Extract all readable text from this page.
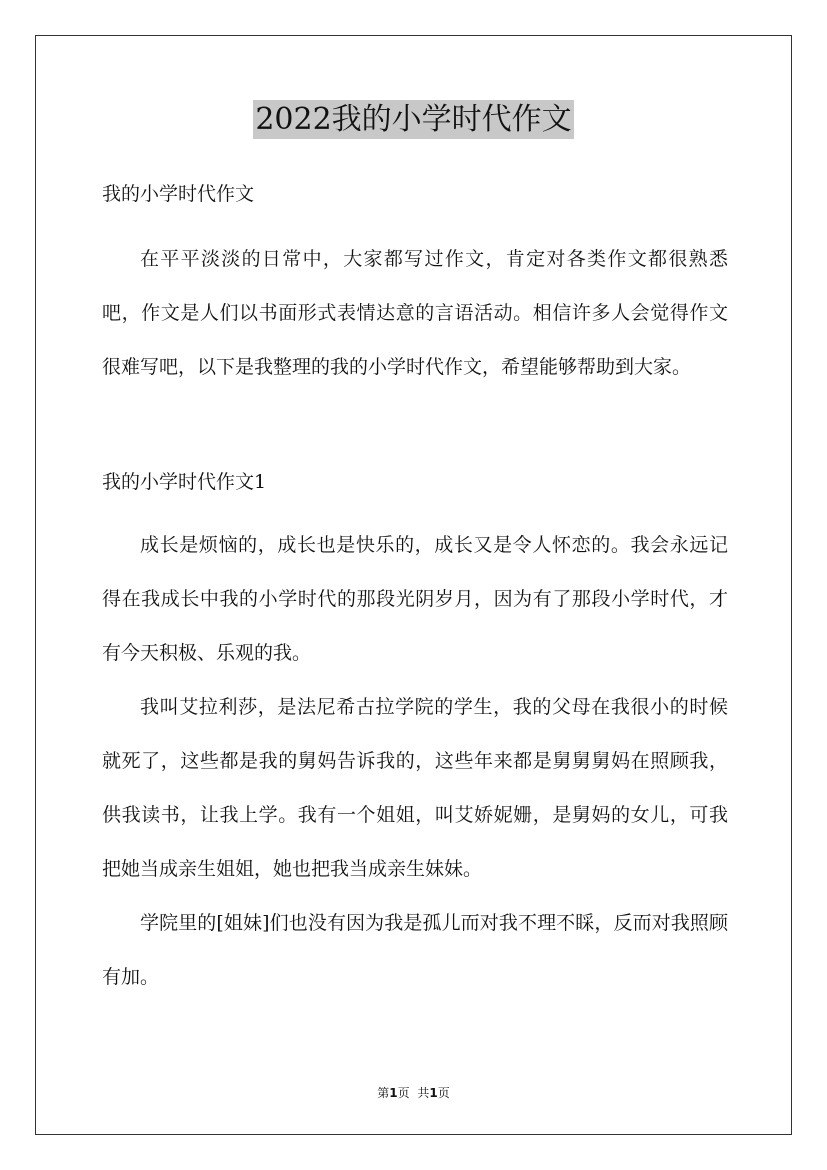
2022我的小学时代作文

我的小学时代作文

在平平淡淡的日常中，大家都写过作文，肯定对各类作文都很熟悉吧，作文是人们以书面形式表情达意的言语活动。相信许多人会觉得作文很难写吧，以下是我整理的我的小学时代作文，希望能够帮助到大家。

我的小学时代作文1

成长是烦恼的，成长也是快乐的，成长又是令人怀恋的。我会永远记得在我成长中我的小学时代的那段光阴岁月，因为有了那段小学时代，才有今天积极、乐观的我。

我叫艾拉利莎，是法尼希古拉学院的学生，我的父母在我很小的时候就死了，这些都是我的舅妈告诉我的，这些年来都是舅舅舅妈在照顾我，供我读书，让我上学。我有一个姐姐，叫艾娇妮姗，是舅妈的女儿，可我把她当成亲生姐姐，她也把我当成亲生妹妹。

学院里的[姐妹]们也没有因为我是孤儿而对我不理不睬，反而对我照顾有加。

第1页 共1页
